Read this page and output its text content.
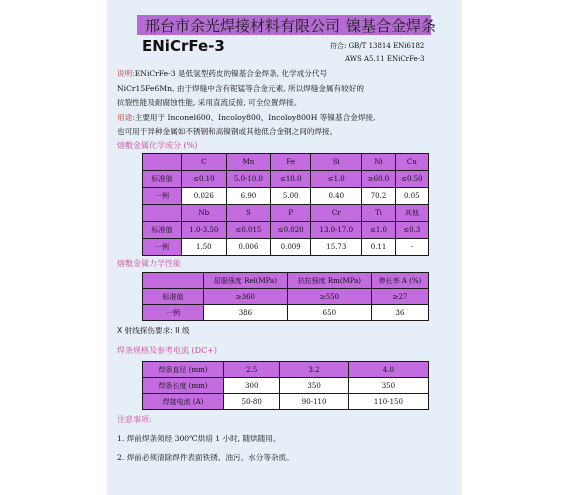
邢台市余光焊接材料有限公司 镍基合金焊条
ENiCrFe-3	符合: GB/T 13814 ENi6182
AWS A5.11 ENiCrFe-3
说明:ENiCrFe-3 是低氢型药皮的镍基合金焊条, 化学成分代号
NiCr15Fe6Mn, 由于焊缝中含有铌锰等合金元素, 所以焊缝金属有较好的
抗裂性能及耐腐蚀性能, 采用直流反接, 可全位置焊接。
用途:主要用于 Inconel600、Incoloy800、Incoloy800H 等镍基合金焊接,
也可用于异种金属如不锈钢和高镍钢或其他低合金钢之间的焊接。
熔敷金属化学成分 (%)
	C	Mn	Fe	Si	Ni	Cu
标准值	≤0.10	5.0-10.0	≤10.0	≤1.0	≥60.0	≤0.50
一例	0.026	6.90	5.00	0.40	70.2	0.05
	Nb	S	P	Cr	Ti	其他
标准值	1.0-3.50	≤0.015	≤0.020	13.0-17.0	≤1.0	≤0.3
一例	1.50	0.006	0.009	15.73	0.11	-
熔敷金属力学性能
	屈服强度 Rel(MPa)	抗拉强度 Rm(MPa)	伸长率 A (%)
标准值	≥360	≥550	≥27
一例	386	650	36
X 射线探伤要求: II 级
焊条规格及参考电流 (DC+)
焊条直径 (mm)	2.5	3.2	4.0
焊条长度 (mm)	300	350	350
焊接电流 (A)	50-80	90-110	110-150
注意事项:
1. 焊前焊条须经 300℃烘焙 1 小时, 随烘随用。
2. 焊前必须清除焊件表面铁锈、油污、水分等杂质。
